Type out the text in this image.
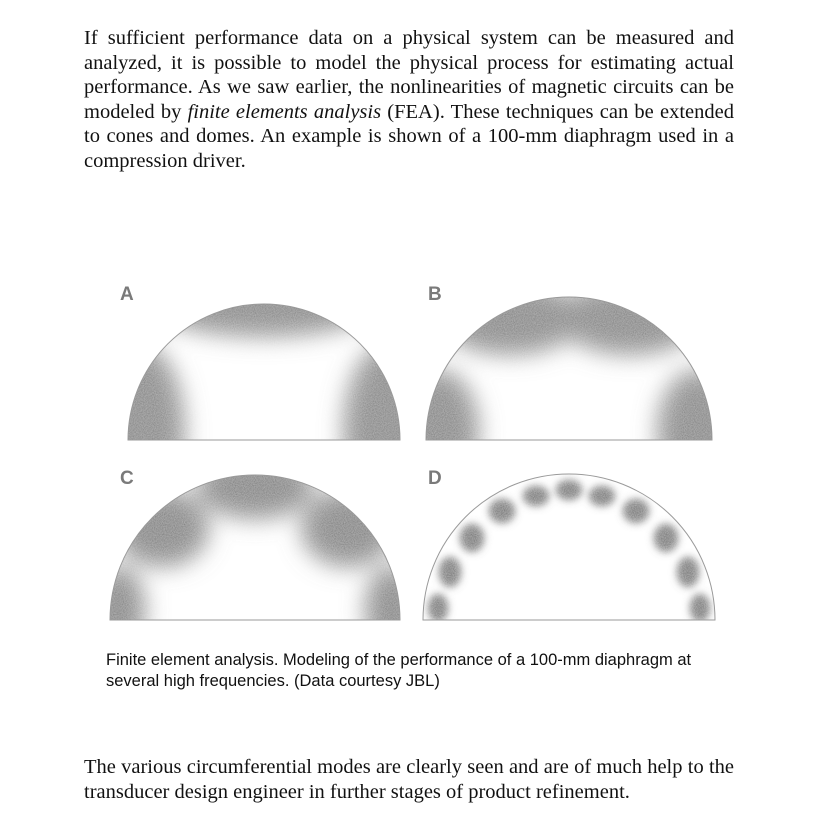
If sufficient performance data on a physical system can be measured and analyzed, it is possible to model the physical process for estimating actual performance. As we saw earlier, the nonlinearities of magnetic circuits can be modeled by finite elements analysis (FEA). These techniques can be extended to cones and domes. An example is shown of a 100-mm diaphragm used in a compression driver.

A	B
C	D

Finite element analysis. Modeling of the performance of a 100-mm diaphragm at several high frequencies. (Data courtesy JBL)

The various circumferential modes are clearly seen and are of much help to the transducer design engineer in further stages of product refinement.
